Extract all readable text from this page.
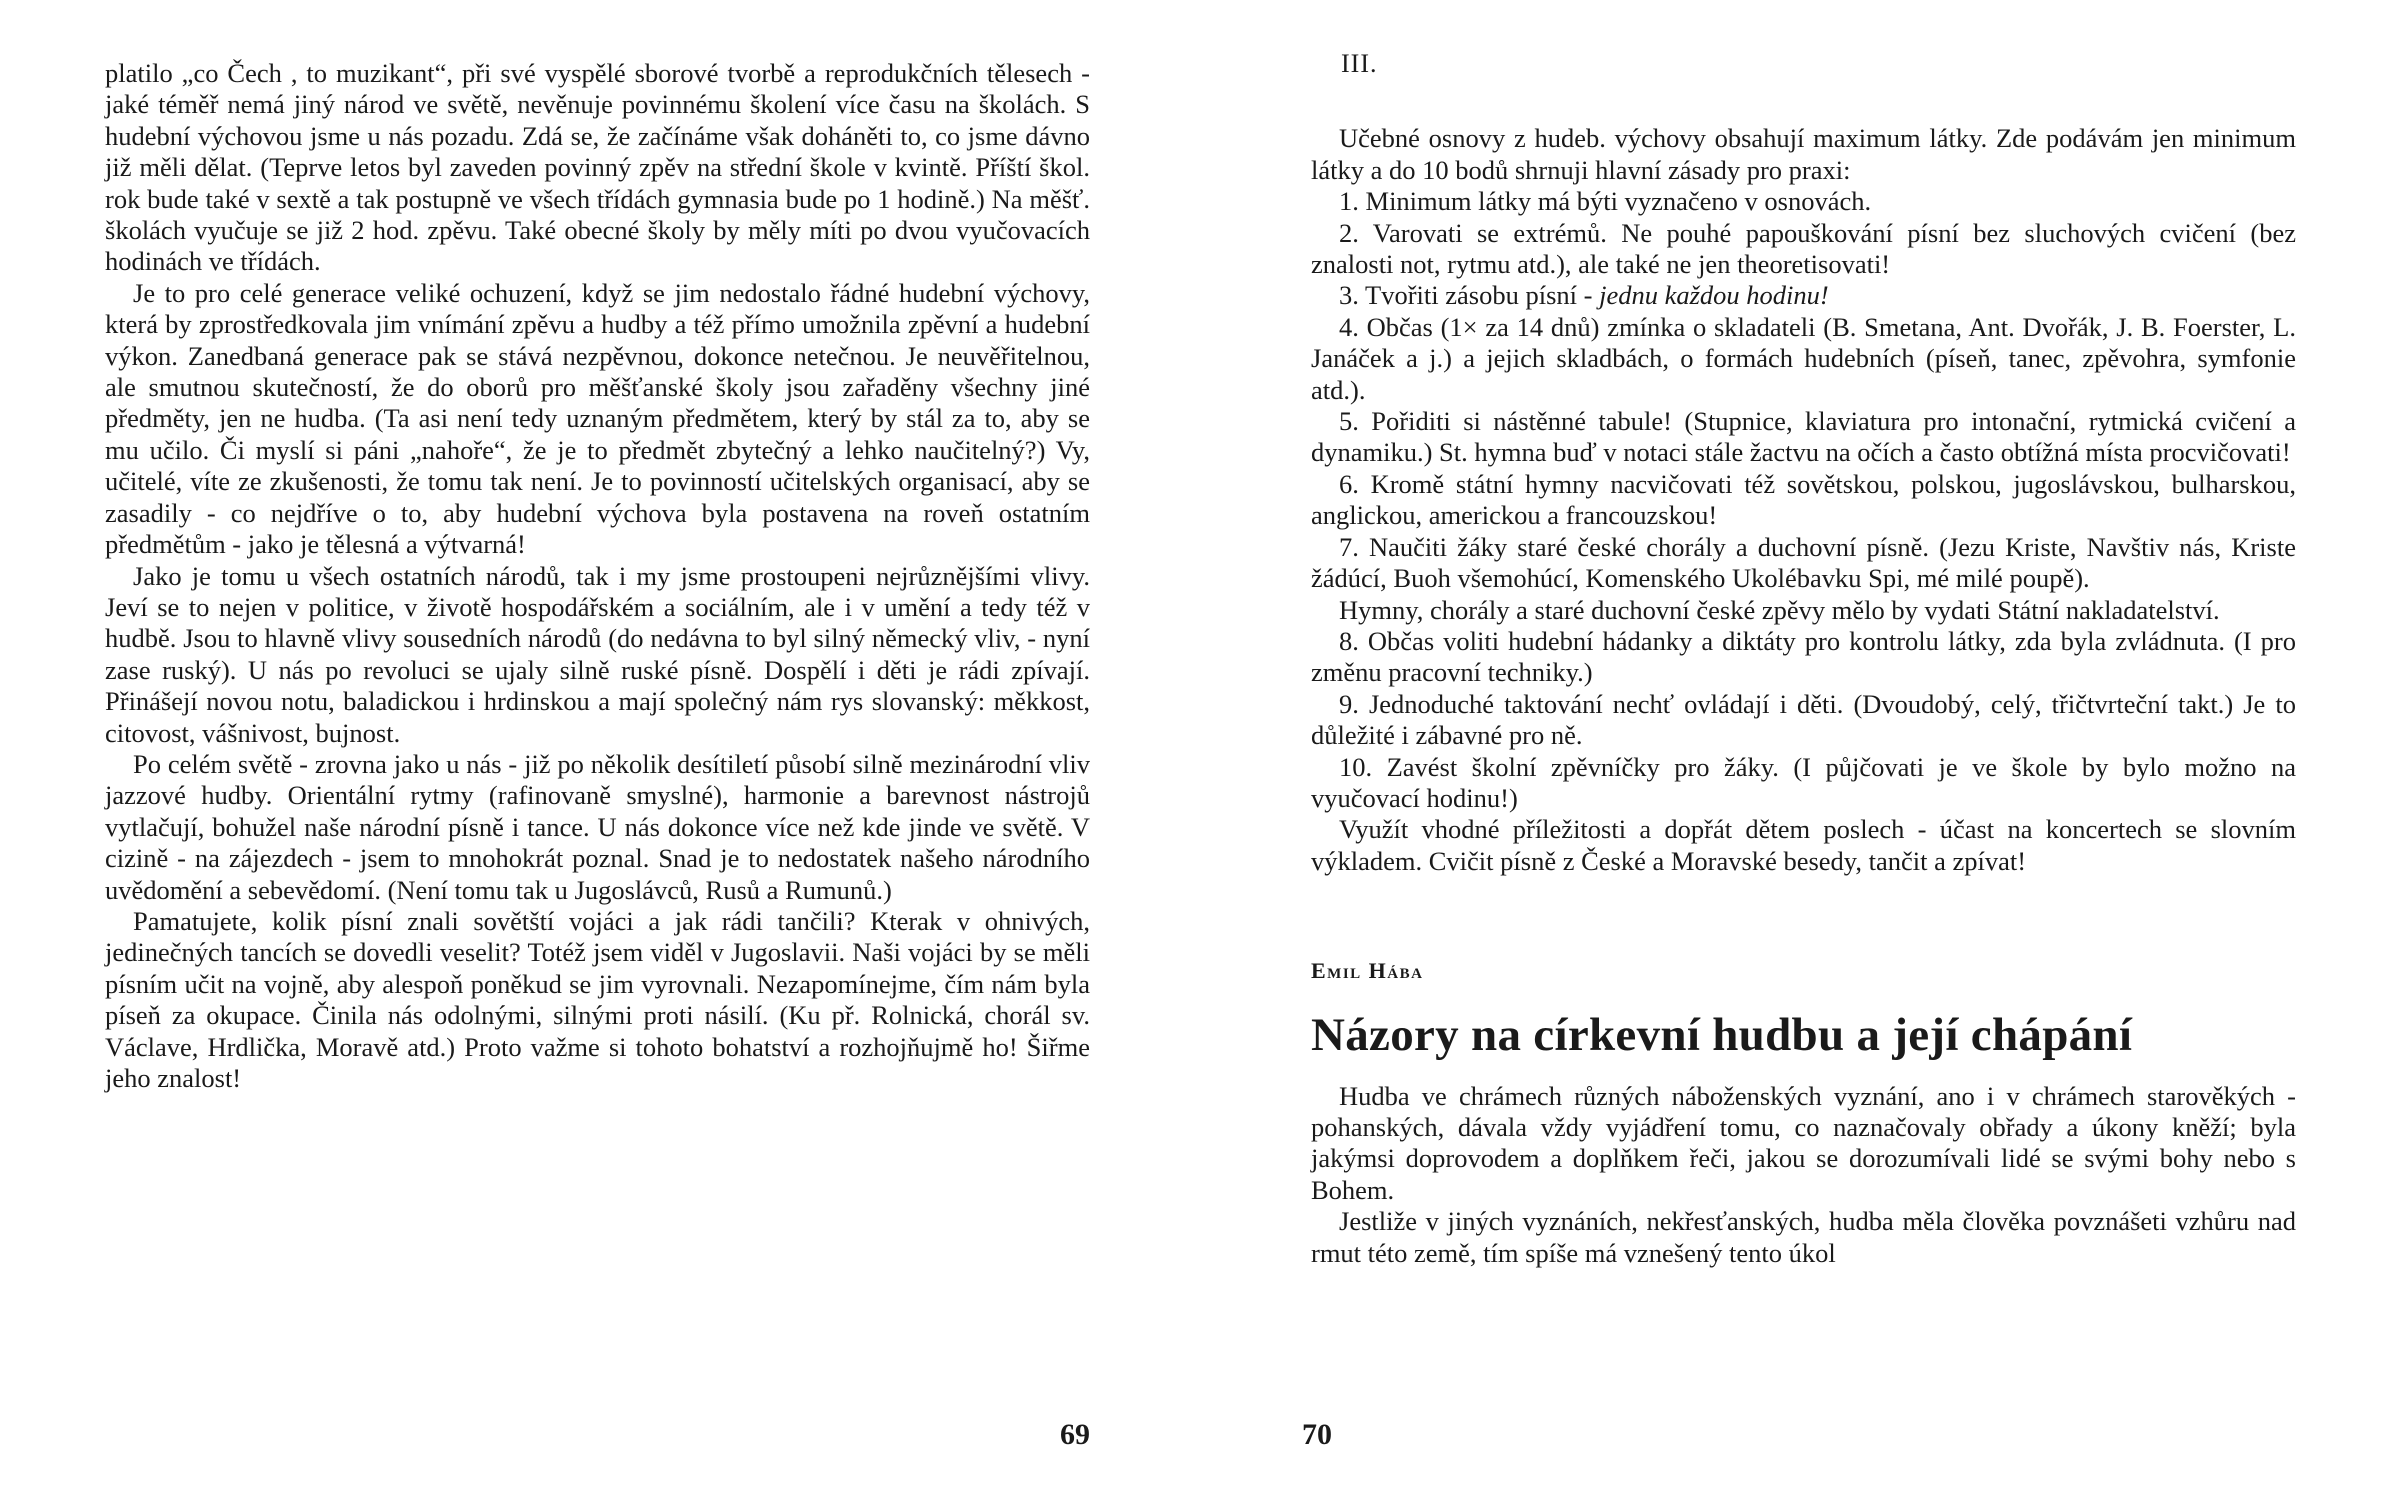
platilo „co Čech , to muzikant“, při své vyspělé sborové tvorbě a reprodukčních tělesech - jaké téměř nemá jiný národ ve světě, nevěnuje povinnému školení více času na školách. S hudební výchovou jsme u nás pozadu. Zdá se, že začínáme však doháněti to, co jsme dávno již měli dělat. (Teprve letos byl zaveden povinný zpěv na střední škole v kvintě. Příští škol. rok bude také v sextě a tak postupně ve všech třídách gymnasia bude po 1 hodině.) Na měšť. školách vyučuje se již 2 hod. zpěvu. Také obecné školy by měly míti po dvou vyučovacích hodinách ve třídách.

Je to pro celé generace veliké ochuzení, když se jim nedostalo řádné hudební výchovy, která by zprostředkovala jim vnímání zpěvu a hudby a též přímo umožnila zpěvní a hudební výkon. Zanedbaná generace pak se stává nezpěvnou, dokonce netečnou. Je neuvěřitelnou, ale smutnou skutečností, že do oborů pro měšťanské školy jsou zařaděny všechny jiné předměty, jen ne hudba. (Ta asi není tedy uznaným předmětem, který by stál za to, aby se mu učilo. Či myslí si páni „nahoře“, že je to předmět zbytečný a lehko naučitelný?) Vy, učitelé, víte ze zkušenosti, že tomu tak není. Je to povinností učitelských organisací, aby se zasadily - co nejdříve o to, aby hudební výchova byla postavena na roveň ostatním předmětům - jako je tělesná a výtvarná!

Jako je tomu u všech ostatních národů, tak i my jsme prostoupeni nejrůznějšími vlivy. Jeví se to nejen v politice, v životě hospodářském a sociálním, ale i v umění a tedy též v hudbě. Jsou to hlavně vlivy sousedních národů (do nedávna to byl silný německý vliv, - nyní zase ruský). U nás po revoluci se ujaly silně ruské písně. Dospělí i děti je rádi zpívají. Přinášejí novou notu, baladickou i hrdinskou a mají společný nám rys slovanský: měkkost, citovost, vášnivost, bujnost.

Po celém světě - zrovna jako u nás - již po několik desítiletí působí silně mezinárodní vliv jazzové hudby. Orientální rytmy (rafinovaně smyslné), harmonie a barevnost nástrojů vytlačují, bohužel naše národní písně i tance. U nás dokonce více než kde jinde ve světě. V cizině - na zájezdech - jsem to mnohokrát poznal. Snad je to nedostatek našeho národního uvědomění a sebevědomí. (Není tomu tak u Jugoslávců, Rusů a Rumunů.)

Pamatujete, kolik písní znali sovětští vojáci a jak rádi tančili? Kterak v ohnivých, jedinečných tancích se dovedli veselit? Totéž jsem viděl v Jugoslavii. Naši vojáci by se měli písním učit na vojně, aby alespoň poněkud se jim vyrovnali. Nezapomínejme, čím nám byla píseň za okupace. Činila nás odolnými, silnými proti násilí. (Ku př. Rolnická, chorál sv. Václave, Hrdlička, Moravě atd.) Proto važme si tohoto bohatství a rozhojňujmě ho! Šiřme jeho znalost!

69
III.

Učebné osnovy z hudeb. výchovy obsahují maximum látky. Zde podávám jen minimum látky a do 10 bodů shrnuji hlavní zásady pro praxi:

1. Minimum látky má býti vyznačeno v osnovách.
2. Varovati se extrémů. Ne pouhé papouškování písní bez sluchových cvičení (bez znalosti not, rytmu atd.), ale také ne jen theoretisovati!
3. Tvořiti zásobu písní - jednu každou hodinu!
4. Občas (1× za 14 dnů) zmínka o skladateli (B. Smetana, Ant. Dvořák, J. B. Foerster, L. Janáček a j.) a jejich skladbách, o formách hudebních (píseň, tanec, zpěvohra, symfonie atd.).
5. Pořiditi si nástěnné tabule! (Stupnice, klaviatura pro intonační, rytmická cvičení a dynamiku.) St. hymna buď v notaci stále žactvu na očích a často obtížná místa procvičovati!
6. Kromě státní hymny nacvičovati též sovětskou, polskou, jugoslávskou, bulharskou, anglickou, americkou a francouzskou!
7. Naučiti žáky staré české chorály a duchovní písně. (Jezu Kriste, Navštiv nás, Kriste žádúcí, Buoh všemohúcí, Komenského Ukolébavku Spi, mé milé poupě).
Hymny, chorály a staré duchovní české zpěvy mělo by vydati Státní nakladatelství.
8. Občas voliti hudební hádanky a diktáty pro kontrolu látky, zda byla zvládnuta. (I pro změnu pracovní techniky.)
9. Jednoduché taktování nechť ovládají i děti. (Dvoudobý, celý, třičtvrteční takt.) Je to důležité i zábavné pro ně.
10. Zavést školní zpěvníčky pro žáky. (I půjčovati je ve škole by bylo možno na vyučovací hodinu!)

Využít vhodné příležitosti a dopřát dětem poslech - účast na koncertech se slovním výkladem. Cvičit písně z České a Moravské besedy, tančit a zpívat!

Emil Hába
Názory na církevní hudbu a její chápání

Hudba ve chrámech různých náboženských vyznání, ano i v chrámech starověkých - pohanských, dávala vždy vyjádření tomu, co naznačovaly obřady a úkony kněží; byla jakýmsi doprovodem a doplňkem řeči, jakou se dorozumívali lidé se svými bohy nebo s Bohem.

Jestliže v jiných vyznáních, nekřesťanských, hudba měla člověka povznášeti vzhůru nad rmut této země, tím spíše má vznešený tento úkol

70
